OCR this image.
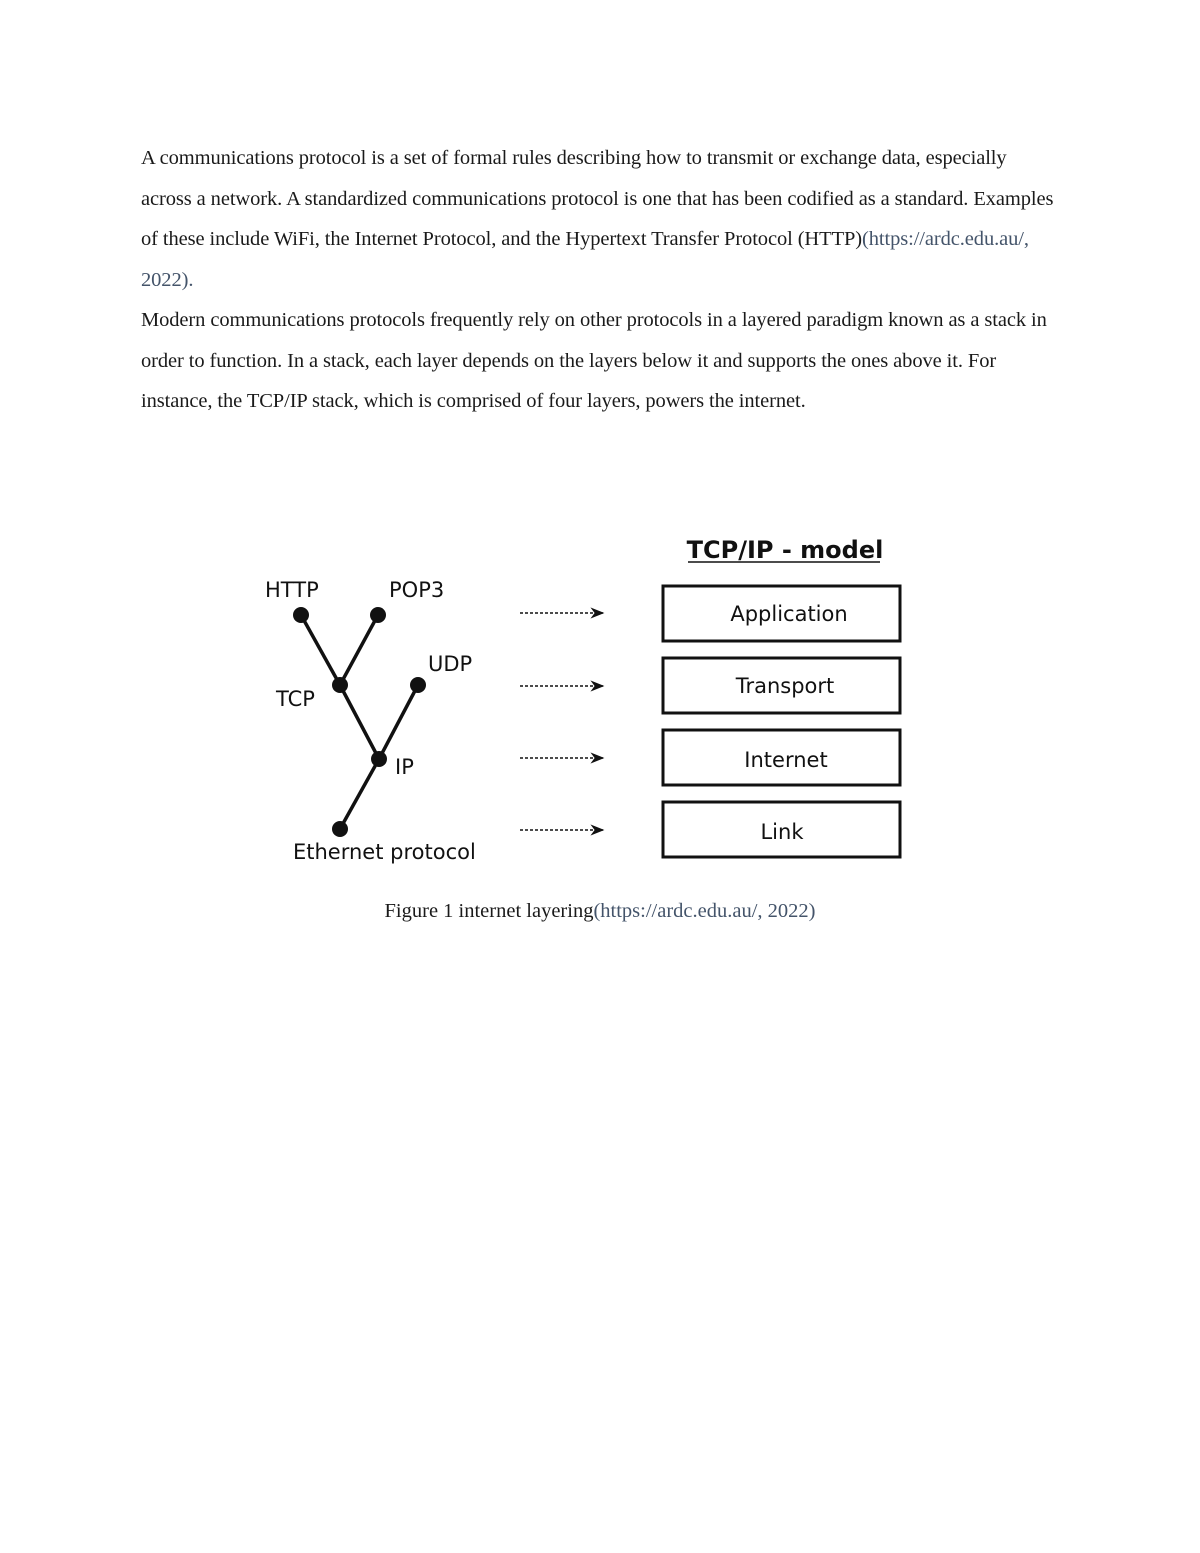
A communications protocol is a set of formal rules describing how to transmit or exchange data, especially across a network. A standardized communications protocol is one that has been codified as a standard. Examples of these include WiFi, the Internet Protocol, and the Hypertext Transfer Protocol (HTTP)(https://ardc.edu.au/, 2022).

Modern communications protocols frequently rely on other protocols in a layered paradigm known as a stack in order to function. In a stack, each layer depends on the layers below it and supports the ones above it. For instance, the TCP/IP stack, which is comprised of four layers, powers the internet.

HTTP	POP3
TCP
UDP
IP
Ethernet protocol
TCP/IP - model
Application
Transport
Internet
Link
Figure 1 internet layering(https://ardc.edu.au/, 2022)
